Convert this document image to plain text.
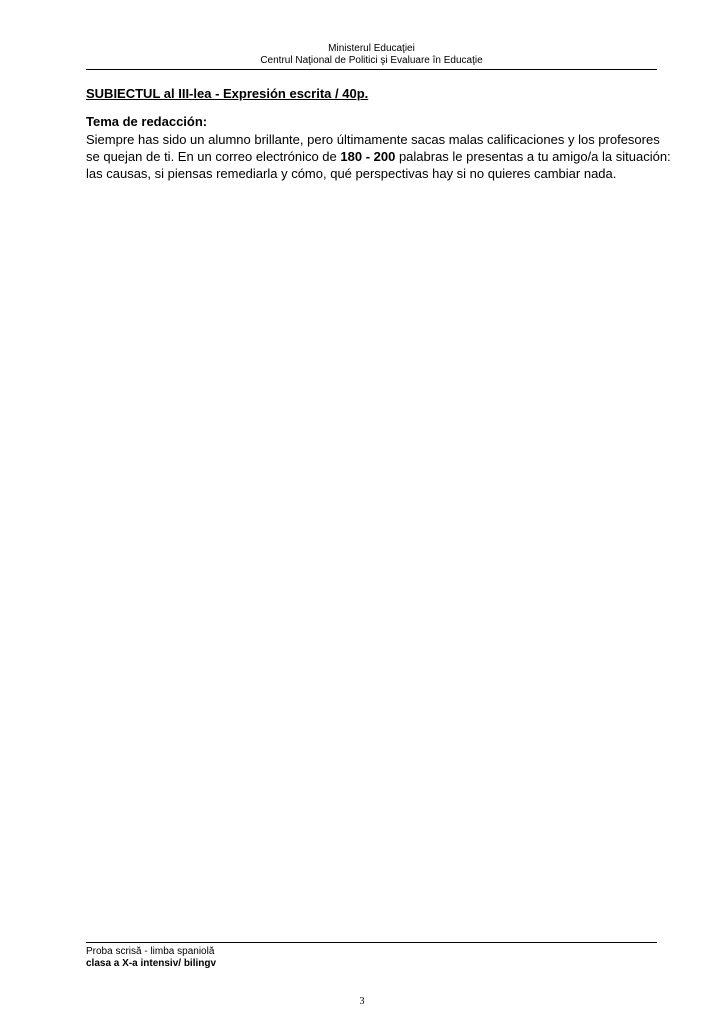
Ministerul Educaţiei
Centrul Naţional de Politici şi Evaluare în Educaţie
SUBIECTUL al III-lea - Expresión escrita / 40p.
Tema de redacción:
Siempre has sido un alumno brillante, pero últimamente sacas malas calificaciones y los profesores
se quejan de ti. En un correo electrónico de 180 - 200 palabras le presentas a tu amigo/a la situación:
las causas, si piensas remediarla y cómo, qué perspectivas hay si no quieres cambiar nada.
Proba scrisă - limba spaniolă
clasa a X-a intensiv/ bilingv
3
